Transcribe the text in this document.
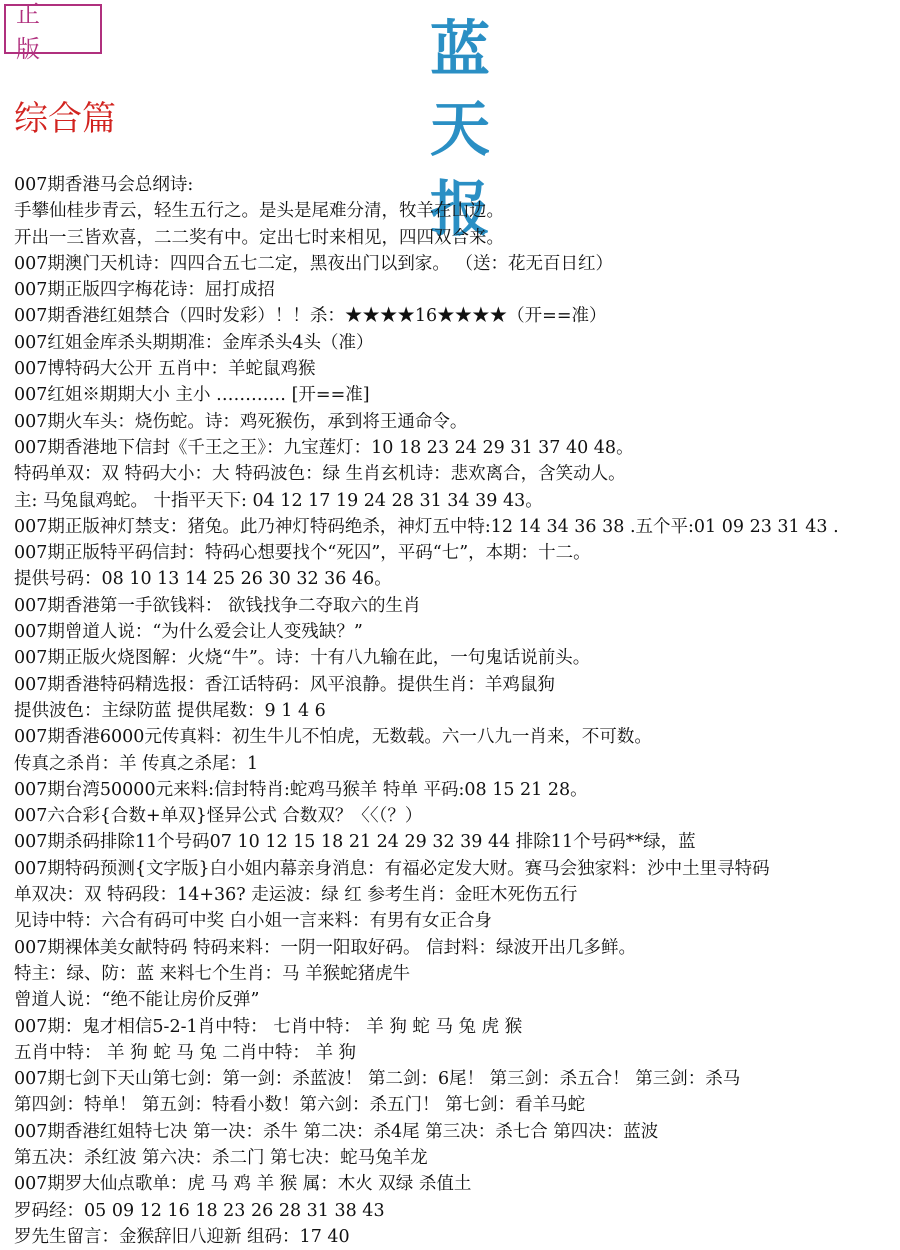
正 版	蓝 天 报
综合篇
007期香港马会总纲诗:
手攀仙桂步青云，轻生五行之。是头是尾难分清，牧羊在山边。
开出一三皆欢喜，二二奖有中。定出七时来相见，四四双合来。
007期澳门天机诗：四四合五七二定，黑夜出门以到家。 （送：花无百日红）
007期正版四字梅花诗：屈打成招
007期香港红姐禁合（四时发彩）！！杀：★★★★16★★★★（开==准）
007红姐金库杀头期期准：金库杀头4头（准）
007博特码大公开 五肖中：羊蛇鼠鸡猴
007红姐※期期大小 主小 ………… [开==准]
007期火车头：烧伤蛇。诗：鸡死猴伤，承到将王通命令。
007期香港地下信封《千王之王》：九宝莲灯：10 18 23 24 29 31 37 40 48。
特码单双：双 特码大小：大 特码波色：绿 生肖玄机诗：悲欢离合，含笑动人。
主: 马兔鼠鸡蛇。 十指平天下: 04 12 17 19 24 28 31 34 39 43。
007期正版神灯禁支：猪兔。此乃神灯特码绝杀，神灯五中特:12 14 34 36 38 .五个平:01 09 23 31 43 .
007期正版特平码信封：特码心想要找个“死囚”，平码“七”，本期：十二。
提供号码：08 10 13 14 25 26 30 32 36 46。
007期香港第一手欲钱料： 欲钱找争二夺取六的生肖
007期曾道人说：“为什么爱会让人变残缺？”
007期正版火烧图解：火烧“牛”。诗：十有八九输在此，一句鬼话说前头。
007期香港特码精选报：香江话特码：风平浪静。提供生肖：羊鸡鼠狗
提供波色：主绿防蓝 提供尾数：9 1 4 6
007期香港6000元传真料：初生牛儿不怕虎，无数载。六一八九一肖来，不可数。
传真之杀肖：羊 传真之杀尾：1
007期台湾50000元来料:信封特肖:蛇鸡马猴羊 特单 平码:08 15 21 28。
007六合彩{合数+单双}怪异公式 合数双？〈〈（？）
007期杀码排除11个号码07 10 12 15 18 21 24 29 32 39 44 排除11个号码**绿，蓝
007期特码预测{文字版}白小姐内幕亲身消息：有福必定发大财。赛马会独家料：沙中土里寻特码
单双决：双 特码段：14+36? 走运波：绿 红 参考生肖：金旺木死伤五行
见诗中特：六合有码可中奖 白小姐一言来料：有男有女正合身
007期裸体美女献特码 特码来料：一阴一阳取好码。 信封料：绿波开出几多鲜。
特主：绿、防：蓝 来料七个生肖：马 羊猴蛇猪虎牛
曾道人说：“绝不能让房价反弹”
007期：鬼才相信5-2-1肖中特： 七肖中特： 羊 狗 蛇 马 兔 虎 猴
五肖中特： 羊 狗 蛇 马 兔 二肖中特： 羊 狗
007期七剑下天山第七剑：第一剑：杀蓝波！ 第二剑：6尾！ 第三剑：杀五合！ 第三剑：杀马
第四剑：特单！ 第五剑：特看小数！第六剑：杀五门！ 第七剑：看羊马蛇
007期香港红姐特七决 第一决：杀牛 第二决：杀4尾 第三决：杀七合 第四决：蓝波
第五决：杀红波 第六决：杀二门 第七决：蛇马兔羊龙
007期罗大仙点歌单：虎 马 鸡 羊 猴 属：木火 双绿 杀值土
罗码经：05 09 12 16 18 23 26 28 31 38 43
罗先生留言：金猴辞旧八迎新 组码：17 40
